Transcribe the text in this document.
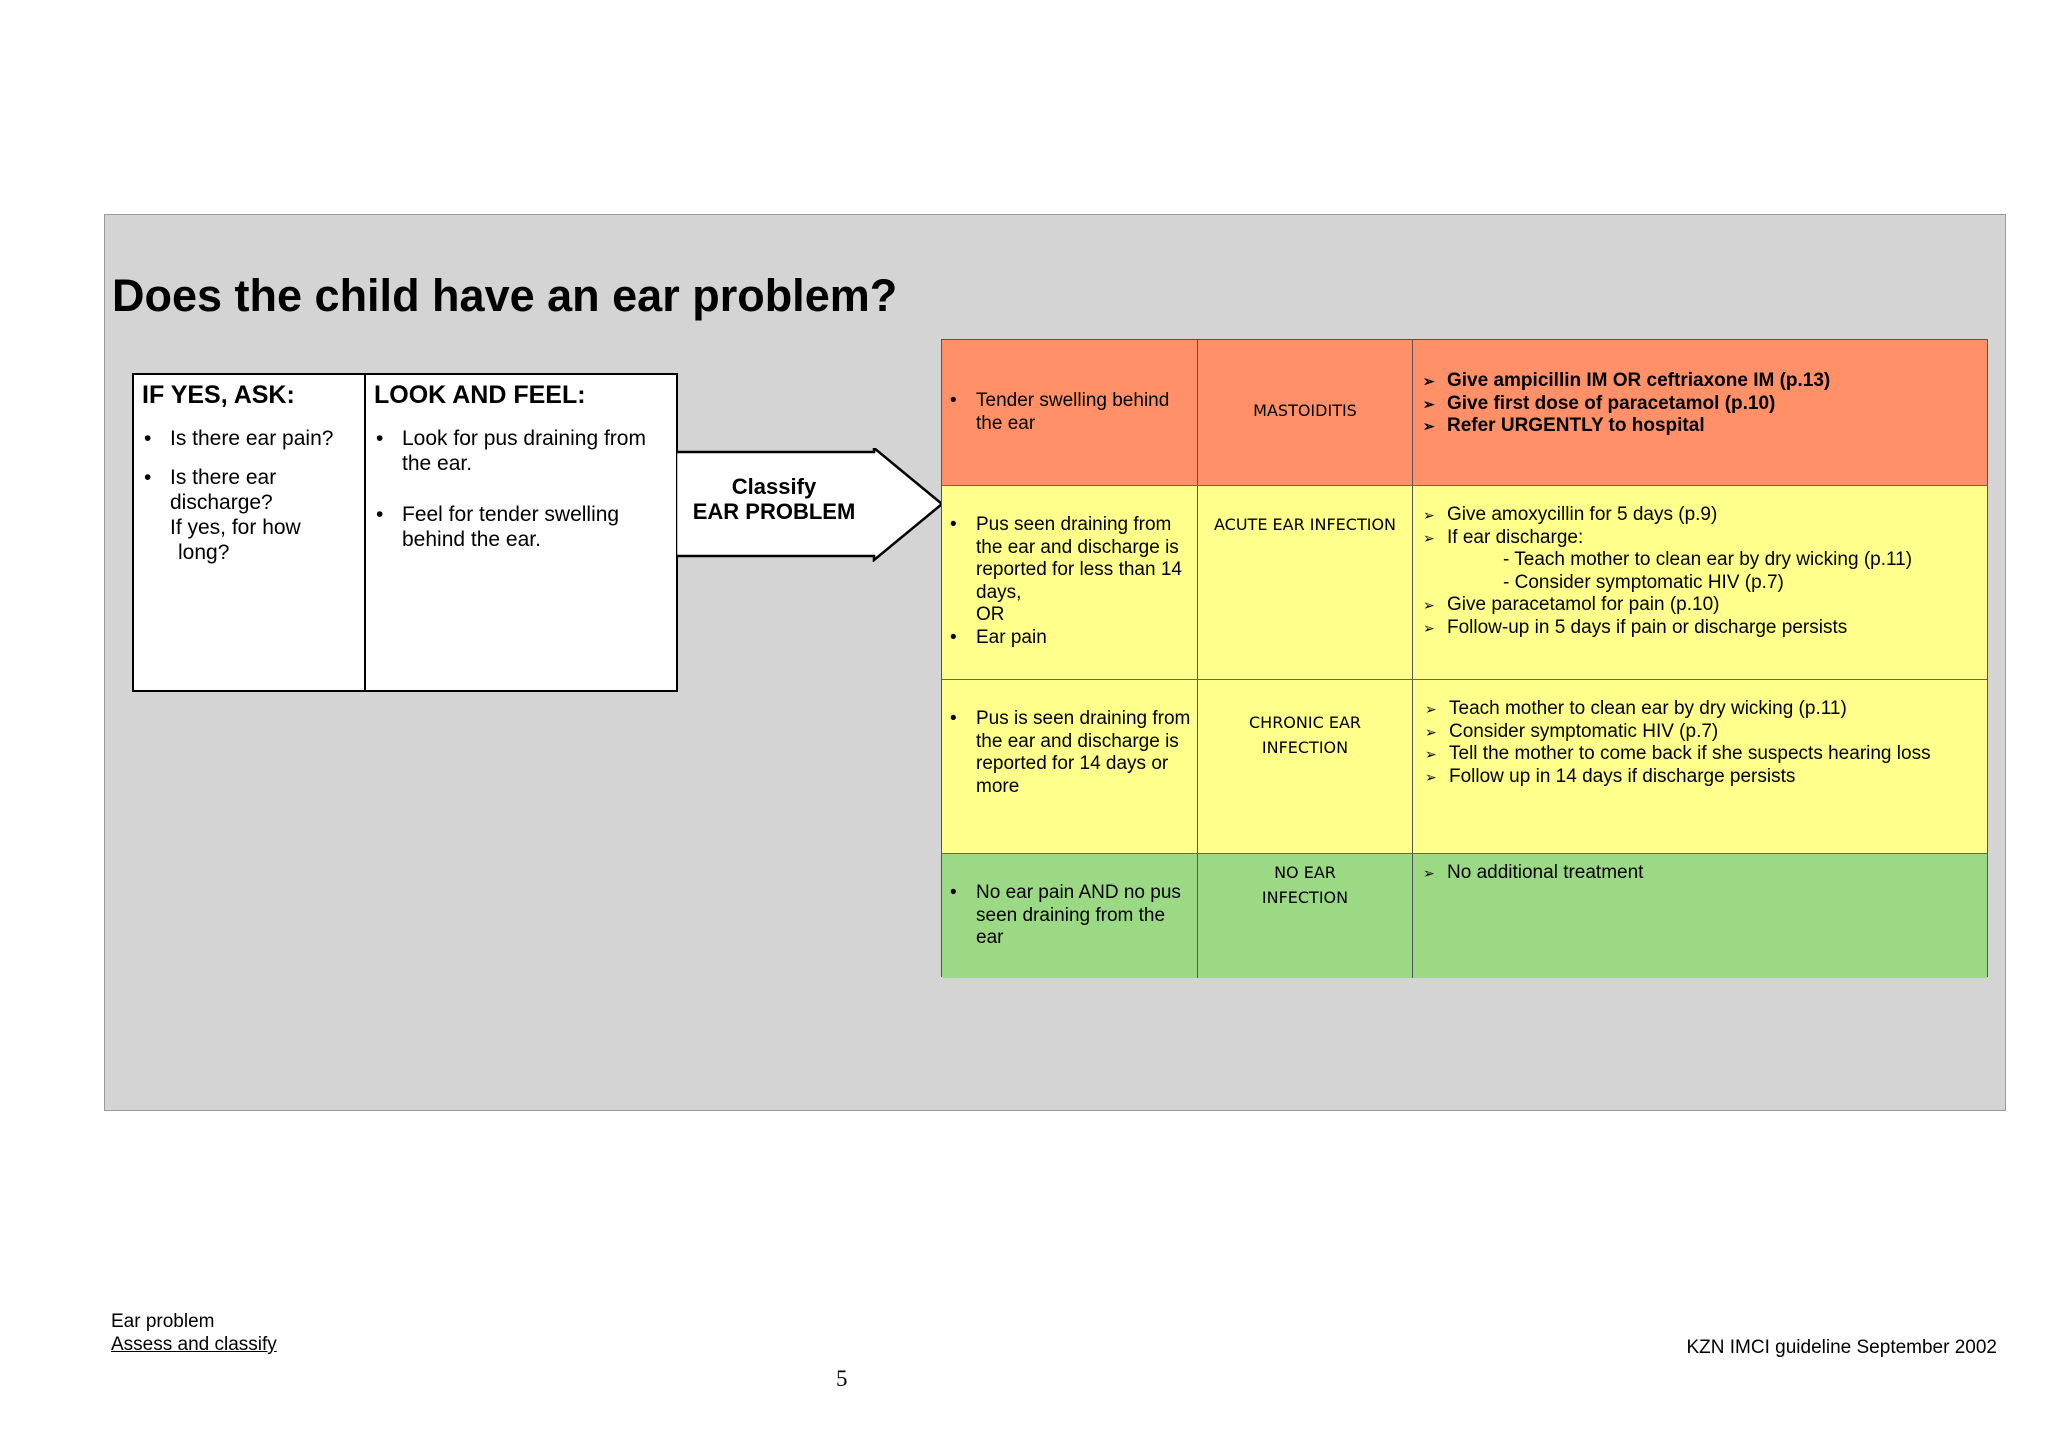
Does the child have an ear problem?
IF YES, ASK:
• Is there ear pain?
• Is there ear
discharge?
If yes, for how
long?
LOOK AND FEEL:
• Look for pus draining from the ear.
• Feel for tender swelling behind the ear.
Classify
EAR PROBLEM
• Tender swelling behind the ear
MASTOIDITIS
➢ Give ampicillin IM OR ceftriaxone IM (p.13)
➢ Give first dose of paracetamol (p.10)
➢ Refer URGENTLY to hospital
• Pus seen draining from the ear and discharge is reported for less than 14 days,
OR
• Ear pain
ACUTE EAR INFECTION
➢	Give amoxycillin for 5 days (p.9)
➢ If ear discharge:
- Teach mother to clean ear by dry wicking (p.11)
- Consider symptomatic HIV (p.7)
➢ Give paracetamol for pain (p.10)
➢ Follow-up in 5 days if pain or discharge persists
• Pus is seen draining from the ear and discharge is reported for 14 days or more
CHRONIC EAR
INFECTION
➢ Teach mother to clean ear by dry wicking (p.11)
➢ Consider symptomatic HIV (p.7)
➢ Tell the mother to come back if she suspects hearing loss
➢ Follow up in 14 days if discharge persists
• No ear pain AND no pus seen draining from the ear
NO EAR
INFECTION
➢ No additional treatment
Ear problem
Assess and classify
5
KZN IMCI guideline September 2002
